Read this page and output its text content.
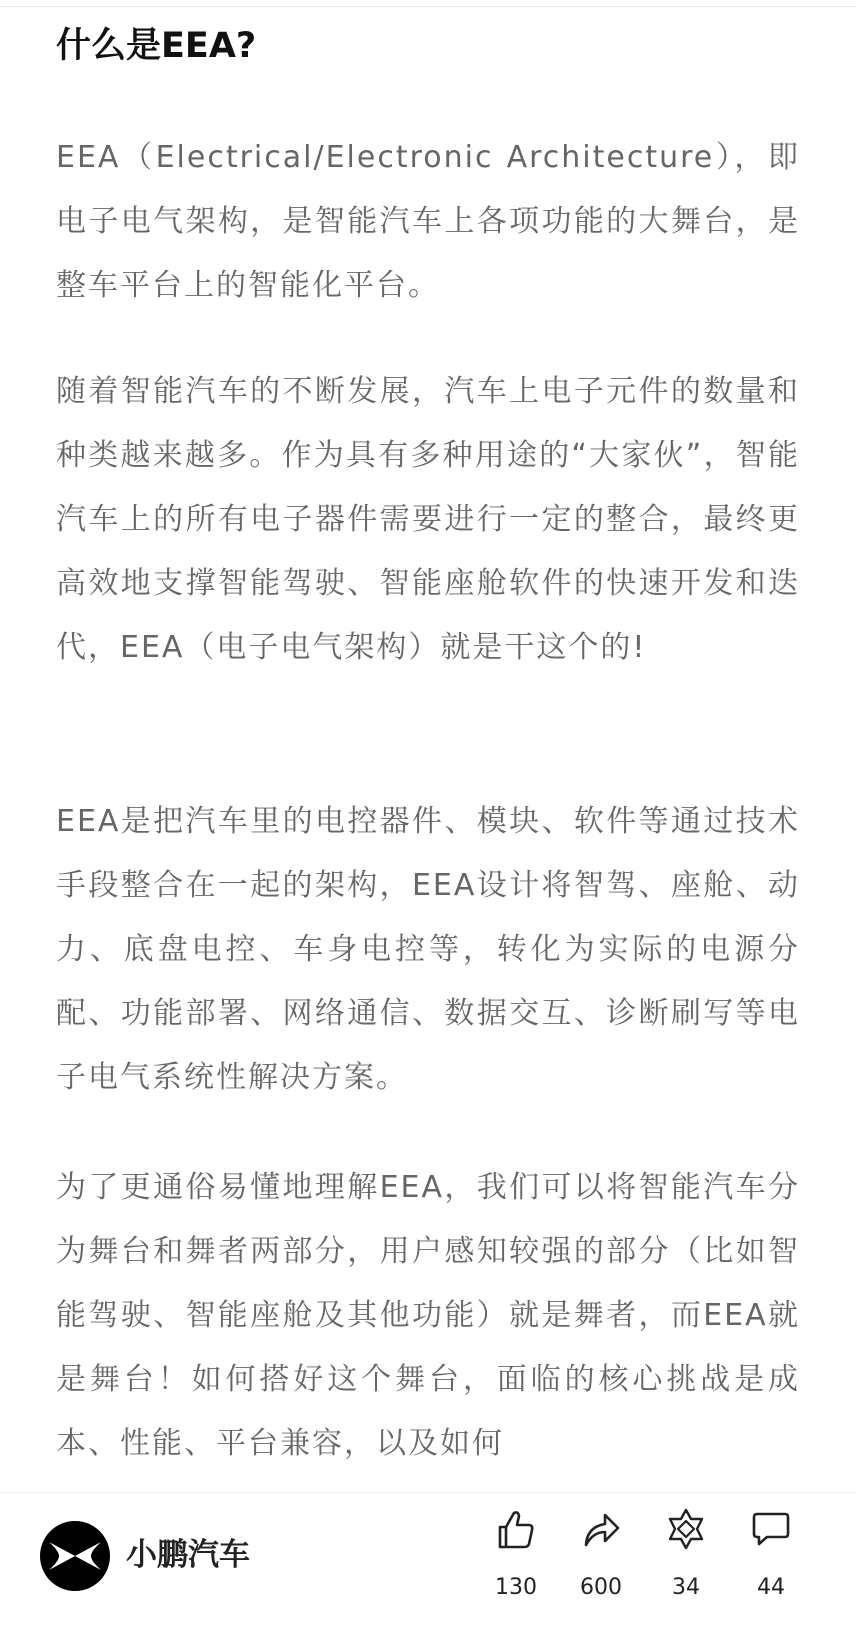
什么是EEA?

EEA（Electrical/Electronic Architecture），即电子电气架构，是智能汽车上各项功能的大舞台，是整车平台上的智能化平台。

随着智能汽车的不断发展，汽车上电子元件的数量和种类越来越多。作为具有多种用途的“大家伙”，智能汽车上的所有电子器件需要进行一定的整合，最终更高效地支撑智能驾驶、智能座舱软件的快速开发和迭代，EEA（电子电气架构）就是干这个的!

EEA是把汽车里的电控器件、模块、软件等通过技术手段整合在一起的架构，EEA设计将智驾、座舱、动力、底盘电控、车身电控等，转化为实际的电源分配、功能部署、网络通信、数据交互、诊断刷写等电子电气系统性解决方案。

为了更通俗易懂地理解EEA，我们可以将智能汽车分为舞台和舞者两部分，用户感知较强的部分（比如智能驾驶、智能座舱及其他功能）就是舞者，而EEA就是舞台！如何搭好这个舞台，面临的核心挑战是成本、性能、平台兼容，以及如何

小鹏汽车
130	600	34	44
